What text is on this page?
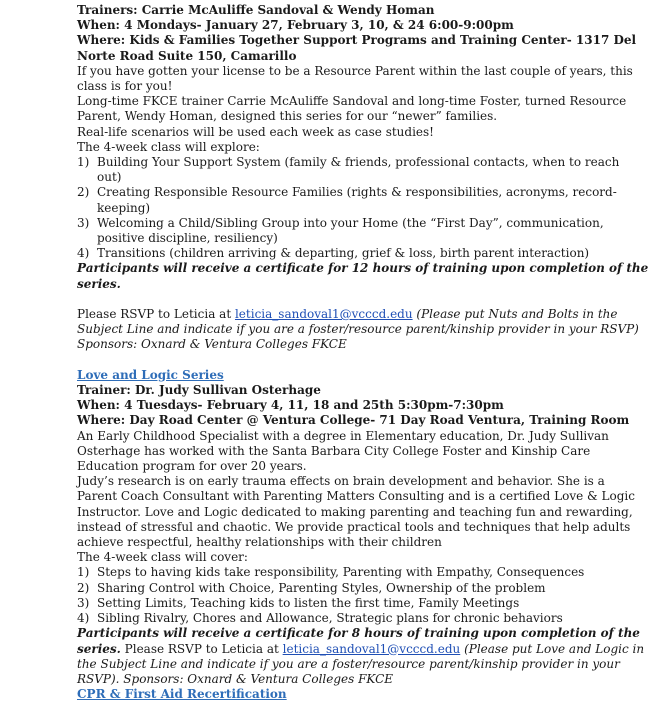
Trainers: Carrie McAuliffe Sandoval & Wendy Homan
When: 4 Mondays- January 27, February 3, 10, & 24 6:00-9:00pm
Where: Kids & Families Together Support Programs and Training Center- 1317 Del
Norte Road Suite 150, Camarillo
If you have gotten your license to be a Resource Parent within the last couple of years, this
class is for you!
Long-time FKCE trainer Carrie McAuliffe Sandoval and long-time Foster, turned Resource
Parent, Wendy Homan, designed this series for our “newer” families.
Real-life scenarios will be used each week as case studies!
The 4-week class will explore:
1) Building Your Support System (family & friends, professional contacts, when to reach
out)
2) Creating Responsible Resource Families (rights & responsibilities, acronyms, record-
keeping)
3) Welcoming a Child/Sibling Group into your Home (the “First Day”, communication,
positive discipline, resiliency)
4) Transitions (children arriving & departing, grief & loss, birth parent interaction)
Participants will receive a certificate for 12 hours of training upon completion of the
series.
Please RSVP to Leticia at leticia_sandoval1@vcccd.edu (Please put Nuts and Bolts in the
Subject Line and indicate if you are a foster/resource parent/kinship provider in your RSVP)
Sponsors: Oxnard & Ventura Colleges FKCE
Love and Logic Series
Trainer: Dr. Judy Sullivan Osterhage
When: 4 Tuesdays- February 4, 11, 18 and 25th 5:30pm-7:30pm
Where: Day Road Center @ Ventura College- 71 Day Road Ventura, Training Room
An Early Childhood Specialist with a degree in Elementary education, Dr. Judy Sullivan
Osterhage has worked with the Santa Barbara City College Foster and Kinship Care
Education program for over 20 years.
Judy’s research is on early trauma effects on brain development and behavior. She is a
Parent Coach Consultant with Parenting Matters Consulting and is a certified Love & Logic
Instructor. Love and Logic dedicated to making parenting and teaching fun and rewarding,
instead of stressful and chaotic. We provide practical tools and techniques that help adults
achieve respectful, healthy relationships with their children
The 4-week class will cover:
1) Steps to having kids take responsibility, Parenting with Empathy, Consequences
2) Sharing Control with Choice, Parenting Styles, Ownership of the problem
3) Setting Limits, Teaching kids to listen the first time, Family Meetings
4) Sibling Rivalry, Chores and Allowance, Strategic plans for chronic behaviors
Participants will receive a certificate for 8 hours of training upon completion of the
series. Please RSVP to Leticia at leticia_sandoval1@vcccd.edu (Please put Love and Logic in
the Subject Line and indicate if you are a foster/resource parent/kinship provider in your
RSVP). Sponsors: Oxnard & Ventura Colleges FKCE
CPR & First Aid Recertification
